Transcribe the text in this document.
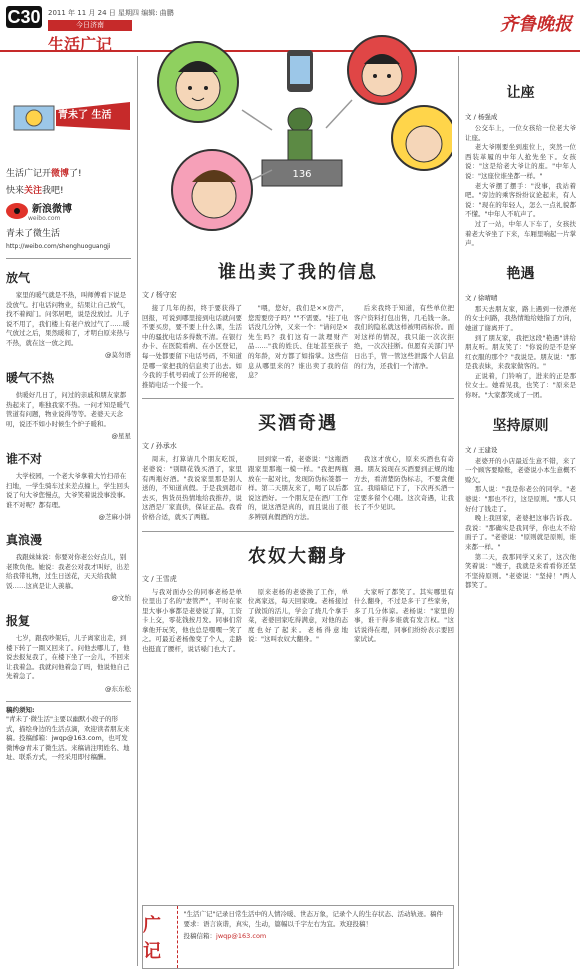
C30 2011 年 11 月 24 日 星期四 编辑: 曲鹏
今日济南
生活广记
齐鲁晚报
青未了 生活
生活广记开微博了!
快来关注我吧!
新浪微博
weibo.com
青未了微生活
http://weibo.com/shenghuoguangji
放气
家里的暖气就是不热，叫师傅看下说是没放气。打电话问物业，结果让自己放气，找不着阀门。问邻居吧，说是没放过。儿子说不用了，我们楼上有老户放过气了……暖气放过之后，果然暖和了，才明白原来热与不热，就在这一放之间。
@莫勿语
暖气不热
供暖好几日了，问过的亲戚和朋友家都热起来了，唯独我家不热。一问才知是暖气管道有问题，物业说得等等。老婆天天念叨，说还不如小时候生个炉子暖和。
@星星
谁不对
大学校园，一个老大爷拿着大竹扫帚在扫地，一学生骑车过来差点撞上，学生回头说了句大爷您慢点，大爷笑着说没事没事。谁不对呢？都有理。
@芝麻小饼
真浪漫
我跟妹妹说：你要对你老公好点儿，别老欺负他。她说：我老公对我才叫好，出差给我带礼物，过生日送花，天天给我做饭……这真是让人羡慕。
@文怡
报复
七岁，跟我吵架后，儿子离家出走，到楼下转了一圈又回来了。问他去哪儿了，他说去报复我了，在楼下坐了一会儿，不回来让我着急。我就问他着急了吗，他说他自己先着急了。
@东东松
稿约须知:
"青未了·微生活"主要以幽默小段子的形式，描绘身边的生活点滴，欢迎读者朋友来稿。投稿邮箱：jwqp@163.com，也可发微博@青未了微生活。来稿请注明姓名、地址、联系方式，一经采用即付稿酬。
136
谁出卖了我的信息
文 / 杨守宏

接了几年的拐，终于要获得了回报，可说到哪里接到电话就问要不要买房，要不要上什么课，生活中的骚扰电话多得数不清。在银行办卡、在医院看病、在小区登记，每一处都要留下电话号码，不知道是哪一家把我的信息卖了出去。如今我的手机号码成了公开的秘密，推销电话一个接一个。

"喂，您好，我们是××房产，您需要房子吗？""不需要。"挂了电话没几分钟，又来一个："请问是×先生吗？我们这有一款理财产品……"我的姓氏、住址甚至孩子的年龄，对方都了如指掌。这些信息从哪里来的？谁出卖了我的信息？

后来我终于知道，有些单位把客户资料打包出售，几毛钱一条。我们的隐私就这样被明码标价。面对这样的情况，我只能一次次拒绝，一次次挂断。但愿有关部门早日出手，管一管这些泄露个人信息的行为，还我们一个清净。

买酒奇遇
文 / 孙承水

周末，打算请几个朋友吃饭，老婆说："别瞎花钱买酒了，家里有两瓶好酒。"我说家里那是别人送的，不知道真假。于是我到超市去买，售货员热情地给我推荐，说这酒是厂家直供，保证正品。我看价格合适，就买了两瓶。

回到家一看，老婆说："这瓶酒跟家里那瓶一模一样。"我把两瓶放在一起对比，发现防伪标签都一样。第二天朋友来了，喝了以后都说这酒好。一个朋友是在酒厂工作的，说这酒是真的，而且说出了很多辨别真假酒的方法。

我这才放心，原来买酒也有奇遇。朋友说现在买酒要到正规的地方去，看清楚防伪标志，不要贪便宜。我暗暗记下了，下次再买酒一定要多留个心眼。这次奇遇，让我长了不少见识。

农奴大翻身
文 / 王雪虎

与我对面办公的同事老杨是单位里出了名的"妻管严"，平时在家里大事小事都是老婆说了算，工资卡上交，零花钱按月发。同事们常拿他开玩笑，他也总是嘿嘿一笑了之。可最近老杨像变了个人，走路也挺直了腰杆，说话嗓门也大了。

原来老杨的老婆换了工作，单位离家远，每天回家晚。老杨接过了做饭的活儿，学会了烧几个拿手菜，老婆回家吃得满意，对他的态度也好了起来。老杨得意地说："这叫农奴大翻身。"

大家听了都笑了。其实哪里有什么翻身，不过是多干了些家务，多了几分体谅。老杨说："家里的事，谁干得多谁就有发言权。"这话说得在理，同事们纷纷表示要回家试试。

让座
文 / 杨强成

公交车上，一位女孩给一位老大爷让座。

老大爷刚要坐到座位上，突然一位西装革履的中年人抢先坐下。女孩说："这是给老大爷让的座。"中年人说："这座位谁坐都一样。"

老大爷摆了摆手："没事，我站着吧。"旁边的乘客纷纷议论起来，有人说："现在的年轻人，怎么一点礼貌都不懂。"中年人不吭声了。

过了一站，中年人下车了，女孩扶着老大爷坐了下来，车厢里响起一片掌声。

艳遇
文 / 徐晴晴

那天去朋友家，路上遇到一位漂亮的女士问路，我热情地给她指了方向，她道了谢离开了。

到了朋友家，我把这段"艳遇"讲给朋友听。朋友笑了："你说的是不是穿红衣服的那个？"我说是。朋友说："那是我表妹，来我家做客的。"

正说着，门铃响了，进来的正是那位女士。她看见我，也笑了："原来是你呀。"大家都笑成了一团。

坚持原则
文 / 王建设

老婆开的小店最近生意不错，来了一个顾客要赊账，老婆说小本生意概不赊欠。

那人说："我是你老公的同学。"老婆说："那也不行，这是原则。"那人只好付了钱走了。

晚上我回家，老婆把这事告诉我。我说："那确实是我同学，你也太不给面子了。"老婆说："原则就是原则，谁来都一样。"

第二天，我那同学又来了，这次他笑着说："嫂子，我就是来看看你还坚不坚持原则。"老婆说："坚持！"两人都笑了。

广记
"生活广记"记录日常生活中的人情冷暖、世态万象，记录个人的生存状态、活动轨迹。稿件要求：语言诙谐，真实，生动，篇幅以千字左右为宜。欢迎投稿！
投稿信箱：jwqp@163.com
